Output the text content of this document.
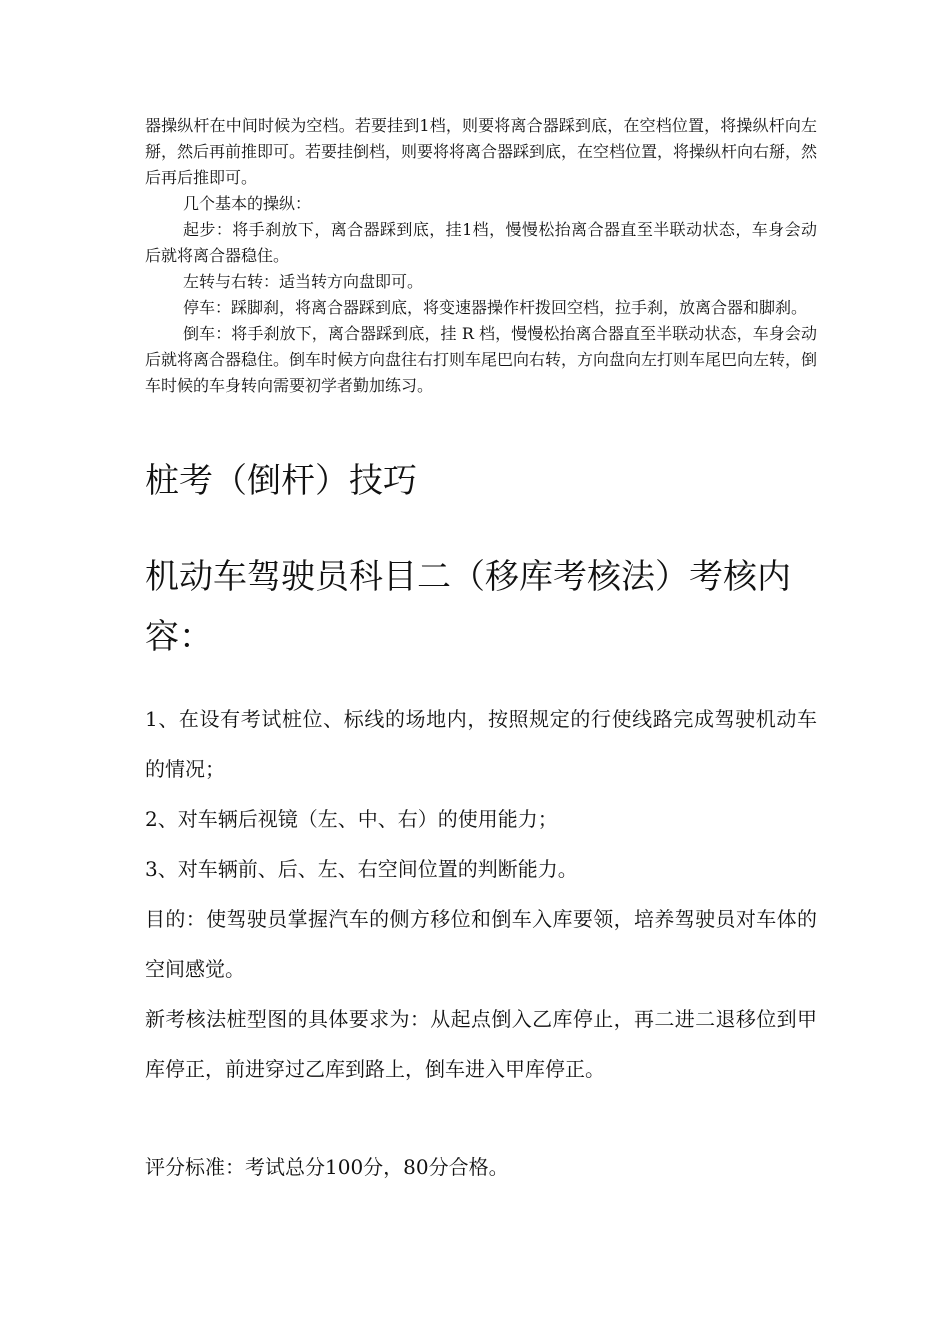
器操纵杆在中间时候为空档。若要挂到1档，则要将离合器踩到底，在空档位置，将操纵杆向左掰，然后再前推即可。若要挂倒档，则要将将离合器踩到底，在空档位置，将操纵杆向右掰，然后再后推即可。

几个基本的操纵：

起步：将手刹放下，离合器踩到底，挂1档，慢慢松抬离合器直至半联动状态，车身会动后就将离合器稳住。

左转与右转：适当转方向盘即可。

停车：踩脚刹，将离合器踩到底，将变速器操作杆拨回空档，拉手刹，放离合器和脚刹。

倒车：将手刹放下，离合器踩到底，挂 R 档，慢慢松抬离合器直至半联动状态，车身会动后就将离合器稳住。倒车时候方向盘往右打则车尾巴向右转，方向盘向左打则车尾巴向左转，倒车时候的车身转向需要初学者勤加练习。

桩考（倒杆）技巧
机动车驾驶员科目二（移库考核法）考核内容：

1、在设有考试桩位、标线的场地内，按照规定的行使线路完成驾驶机动车的情况；

2、对车辆后视镜（左、中、右）的使用能力；

3、对车辆前、后、左、右空间位置的判断能力。

目的：使驾驶员掌握汽车的侧方移位和倒车入库要领，培养驾驶员对车体的空间感觉。

新考核法桩型图的具体要求为：从起点倒入乙库停止，再二进二退移位到甲库停正，前进穿过乙库到路上，倒车进入甲库停正。

评分标准：考试总分100分，80分合格。
